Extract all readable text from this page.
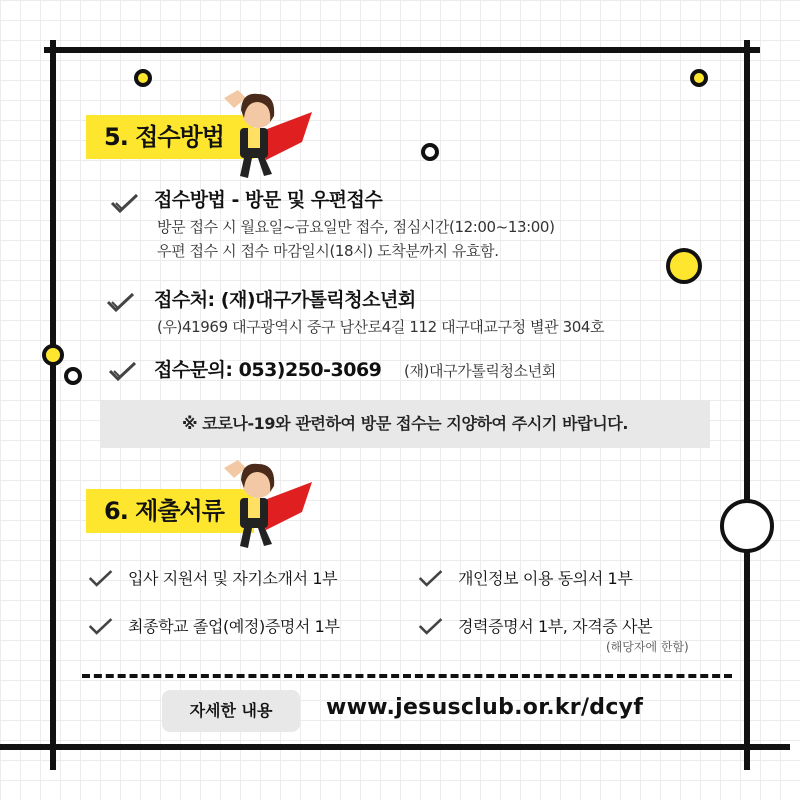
5. 접수방법
접수방법 - 방문 및 우편접수
방문 접수 시 월요일~금요일만 접수, 점심시간(12:00~13:00)
우편 접수 시 접수 마감일시(18시) 도착분까지 유효함.
접수처: (재)대구가톨릭청소년회
(우)41969 대구광역시 중구 남산로4길 112 대구대교구청 별관 304호
접수문의: 053)250-3069 (재)대구가톨릭청소년회
※ 코로나-19와 관련하여 방문 접수는 지양하여 주시기 바랍니다.
6. 제출서류
입사 지원서 및 자기소개서 1부	개인정보 이용 동의서 1부
최종학교 졸업(예정)증명서 1부	경력증명서 1부, 자격증 사본
(해당자에 한함)
자세한 내용	www.jesusclub.or.kr/dcyf
